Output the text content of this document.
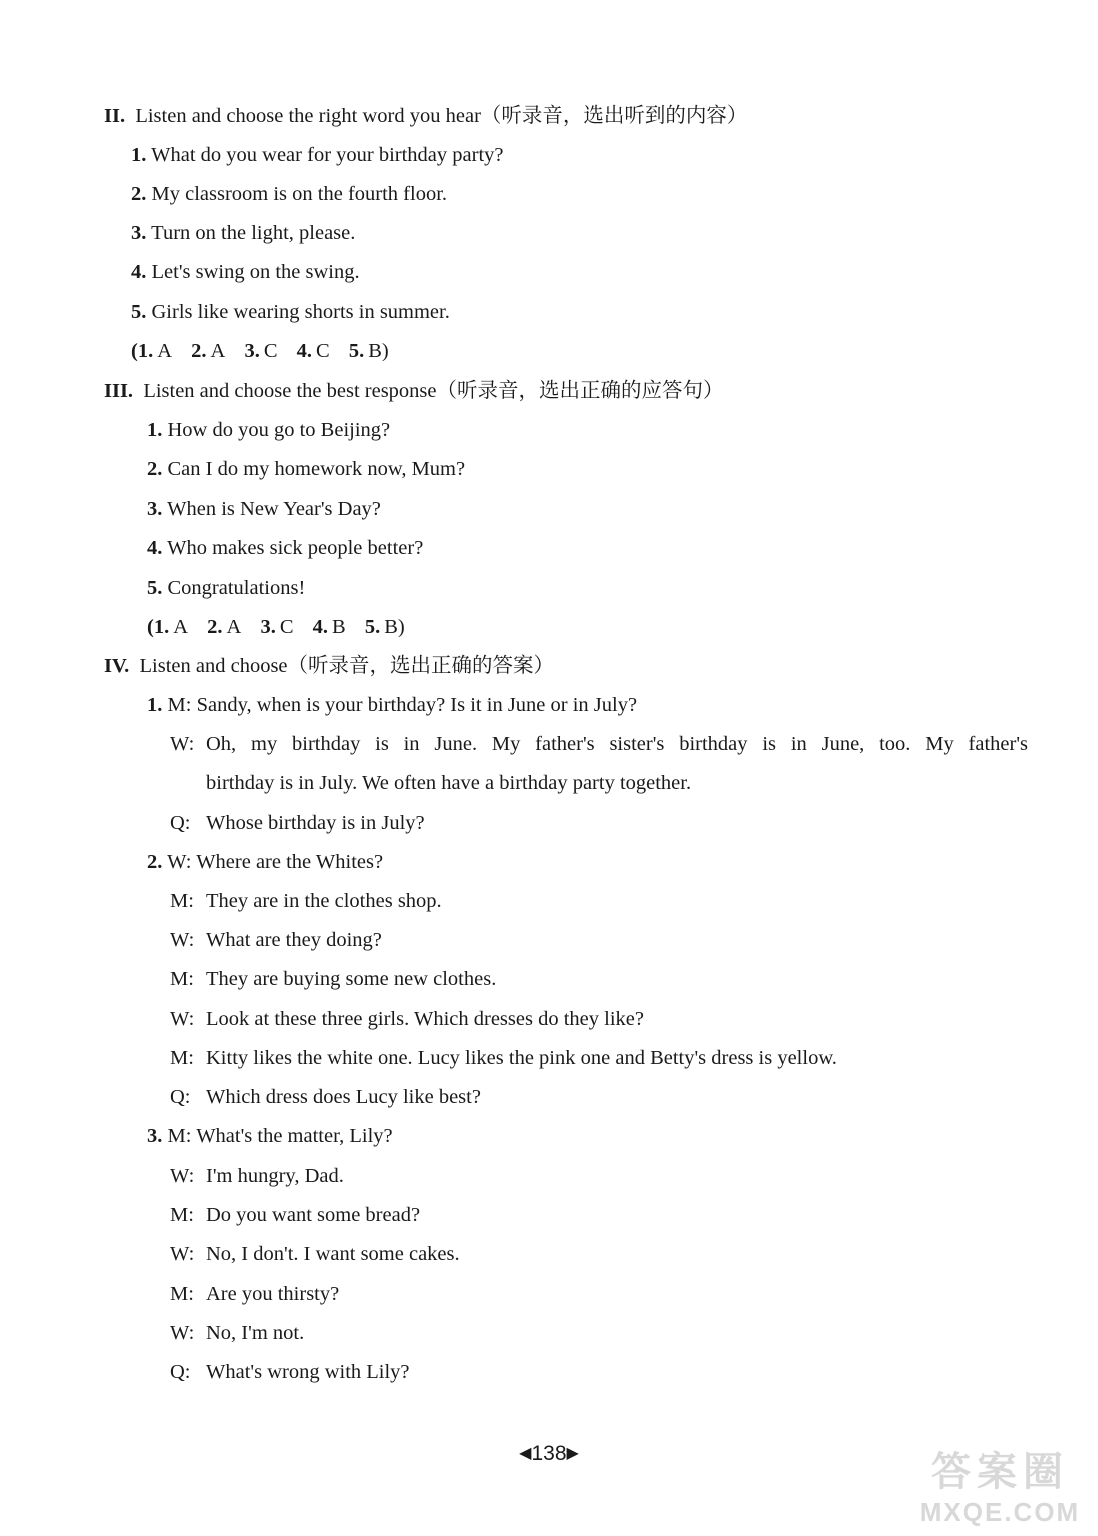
II. Listen and choose the right word you hear（听录音，选出听到的内容）
1. What do you wear for your birthday party?
2. My classroom is on the fourth floor.
3. Turn on the light, please.
4. Let's swing on the swing.
5. Girls like wearing shorts in summer.
(1. A 2. A 3. C 4. C 5. B)
III. Listen and choose the best response（听录音，选出正确的应答句）
1. How do you go to Beijing?
2. Can I do my homework now, Mum?
3. When is New Year's Day?
4. Who makes sick people better?
5. Congratulations!
(1. A 2. A 3. C 4. B 5. B)
IV. Listen and choose（听录音，选出正确的答案）
1. M: Sandy, when is your birthday? Is it in June or in July?
W: Oh, my birthday is in June. My father's sister's birthday is in June, too. My father's
birthday is in July. We often have a birthday party together.
Q: Whose birthday is in July?
2. W: Where are the Whites?
M: They are in the clothes shop.
W: What are they doing?
M: They are buying some new clothes.
W: Look at these three girls. Which dresses do they like?
M: Kitty likes the white one. Lucy likes the pink one and Betty's dress is yellow.
Q: Which dress does Lucy like best?
3. M: What's the matter, Lily?
W: I'm hungry, Dad.
M: Do you want some bread?
W: No, I don't. I want some cakes.
M: Are you thirsty?
W: No, I'm not.
Q: What's wrong with Lily?
◀138▶	答案圈
MXQE.COM
